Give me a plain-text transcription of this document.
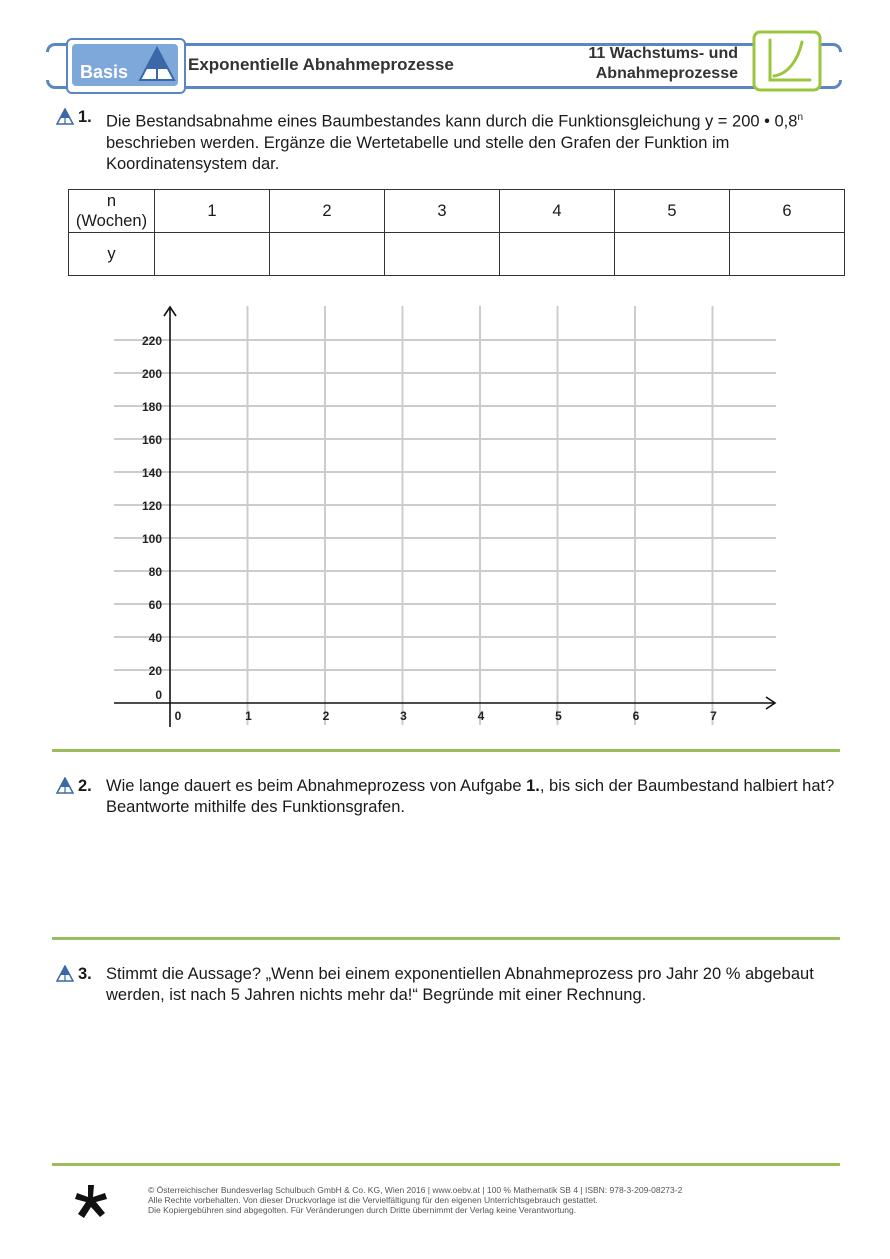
Basis	Exponentielle Abnahmeprozesse
11 Wachstums- und
Abnahmeprozesse
1. Die Bestandsabnahme eines Baumbestandes kann durch die Funktionsgleichung y = 200 • 0,8$^n$ beschrieben werden. Ergänze die Wertetabelle und stelle den Grafen der Funktion im Koordinatensystem dar.
n
(Wochen)	1	2	3	4	5	6
y						
0
20
40
60
80
100
120
140
160
180
200
220
0	1	2	3	4	5	6	7
2. Wie lange dauert es beim Abnahmeprozess von Aufgabe 1., bis sich der Baumbestand halbiert hat? Beantworte mithilfe des Funktionsgrafen.
3. Stimmt die Aussage? „Wenn bei einem exponentiellen Abnahmeprozess pro Jahr 20 % abgebaut werden, ist nach 5 Jahren nichts mehr da!“ Begründe mit einer Rechnung.
© Österreichischer Bundesverlag Schulbuch GmbH & Co. KG, Wien 2016 | www.oebv.at | 100 % Mathematik SB 4 | ISBN: 978-3-209-08273-2
Alle Rechte vorbehalten. Von dieser Druckvorlage ist die Vervielfältigung für den eigenen Unterrichtsgebrauch gestattet.
Die Kopiergebühren sind abgegolten. Für Veränderungen durch Dritte übernimmt der Verlag keine Verantwortung.
